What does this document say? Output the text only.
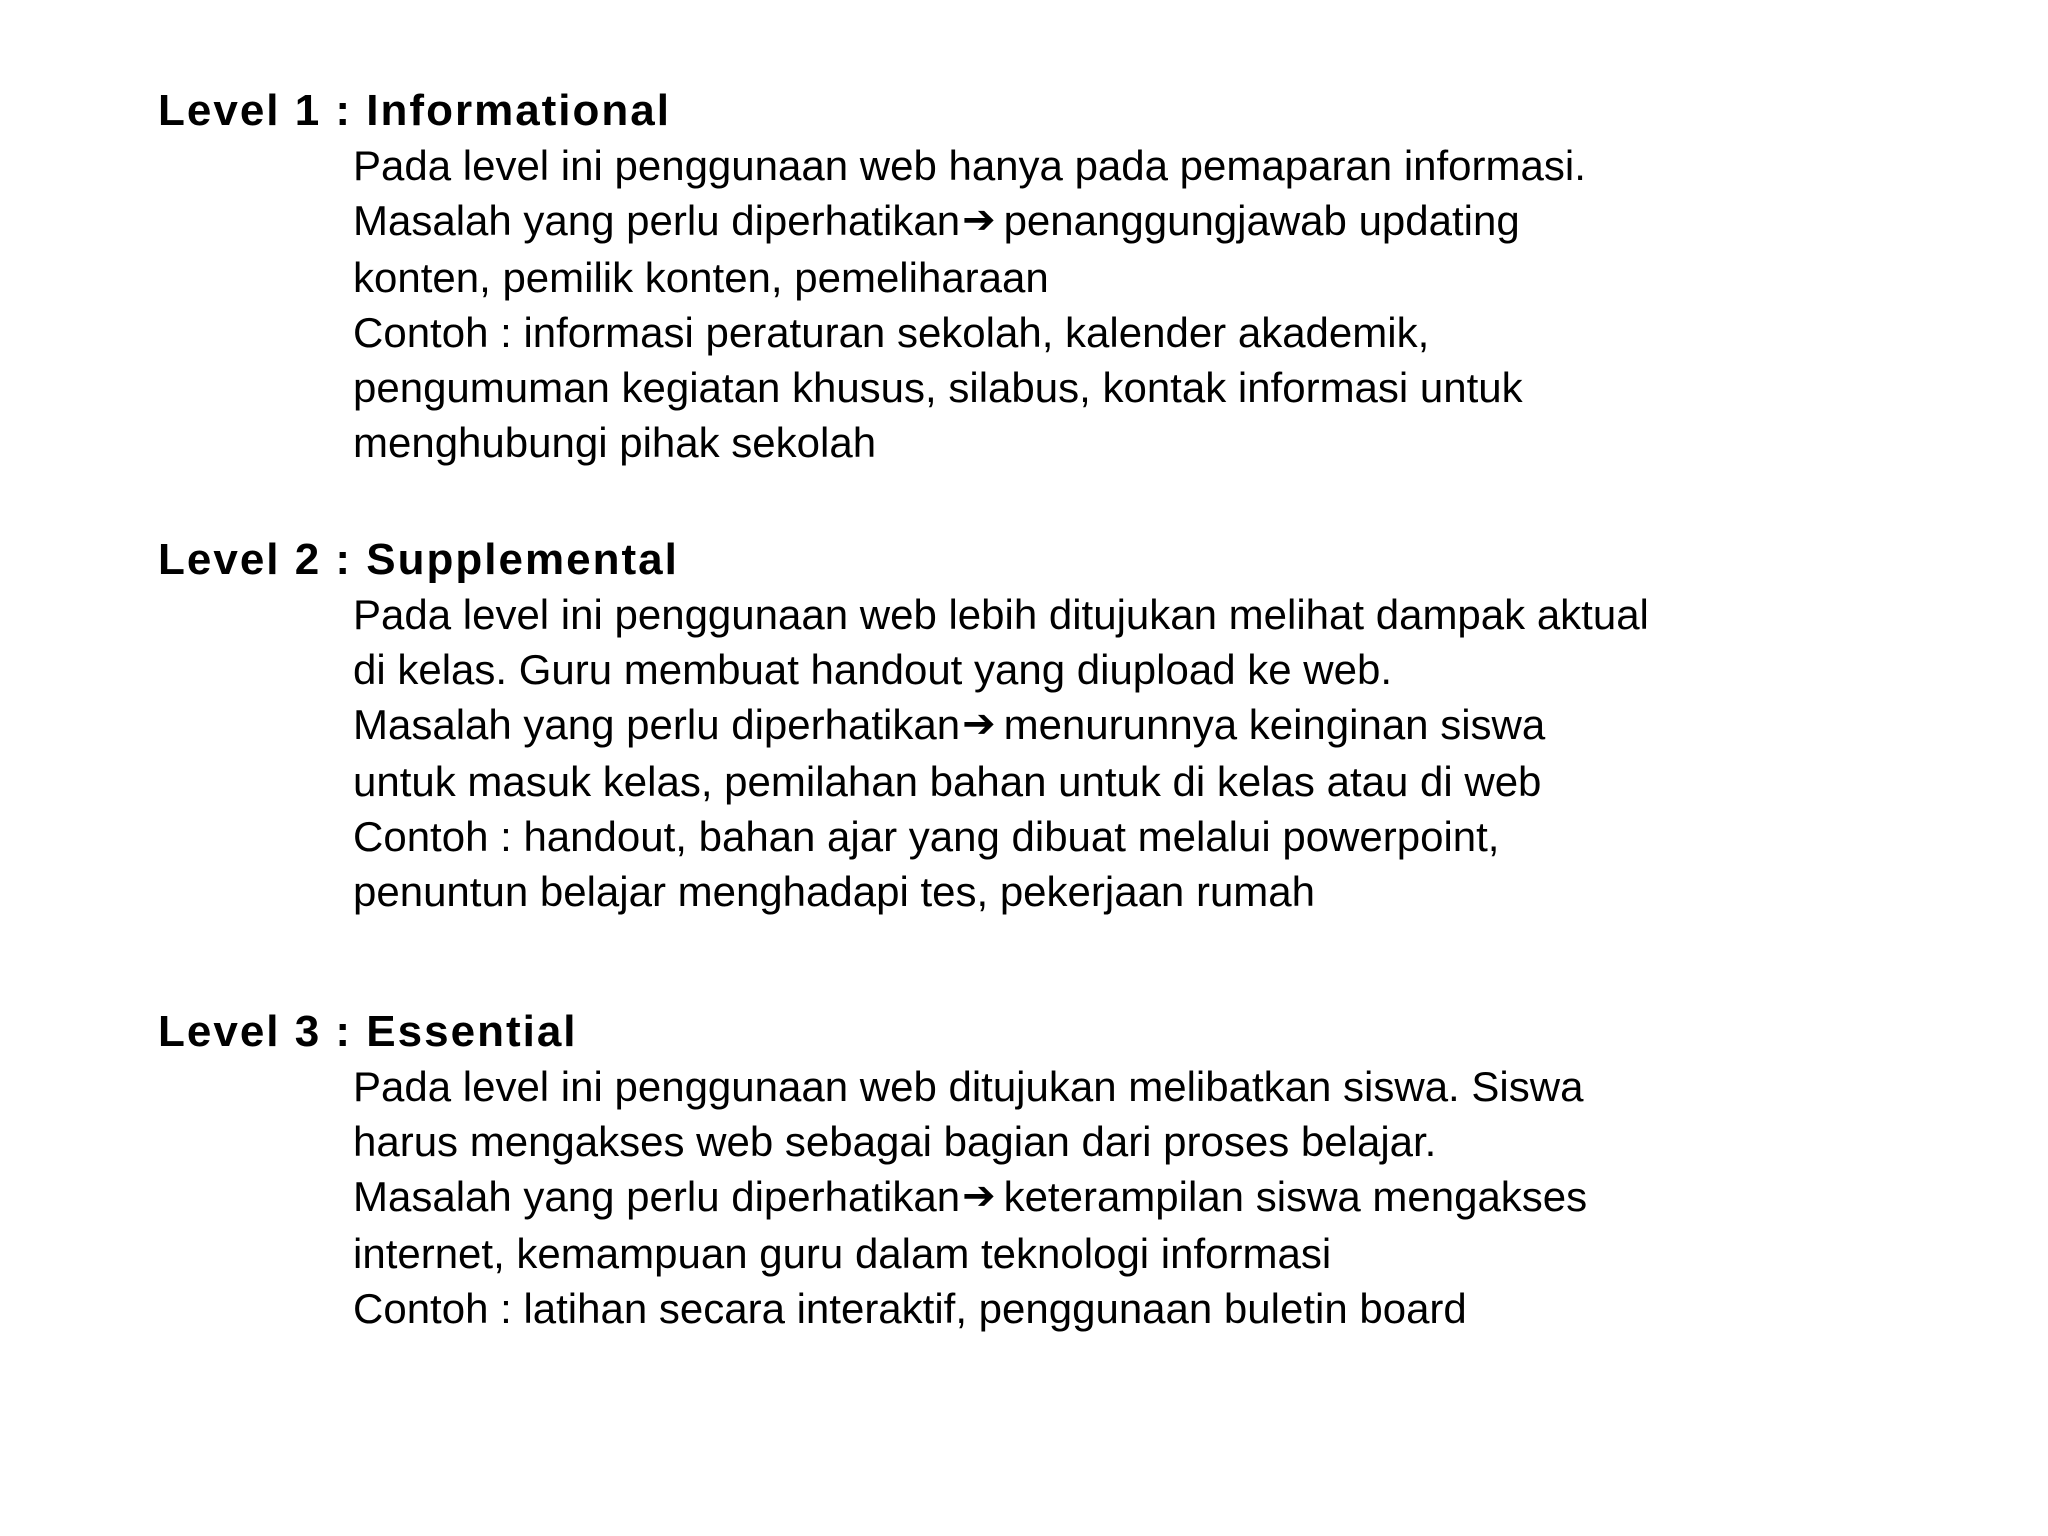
Level 1 : Informational
Pada level ini penggunaan web hanya pada pemaparan informasi.
Masalah yang perlu diperhatikan➔ penanggungjawab updating
konten, pemilik konten, pemeliharaan
Contoh : informasi peraturan sekolah, kalender akademik,
pengumuman kegiatan khusus, silabus, kontak informasi untuk
menghubungi pihak sekolah
Level 2 : Supplemental
Pada level ini penggunaan web lebih ditujukan melihat dampak aktual
di kelas. Guru membuat handout yang diupload ke web.
Masalah yang perlu diperhatikan➔ menurunnya keinginan siswa
untuk masuk kelas, pemilahan bahan untuk di kelas atau di web
Contoh : handout, bahan ajar yang dibuat melalui powerpoint,
penuntun belajar menghadapi tes, pekerjaan rumah
Level 3 : Essential
Pada level ini penggunaan web ditujukan melibatkan siswa. Siswa
harus mengakses web sebagai bagian dari proses belajar.
Masalah yang perlu diperhatikan➔ keterampilan siswa mengakses
internet, kemampuan guru dalam teknologi informasi
Contoh : latihan secara interaktif, penggunaan buletin board
